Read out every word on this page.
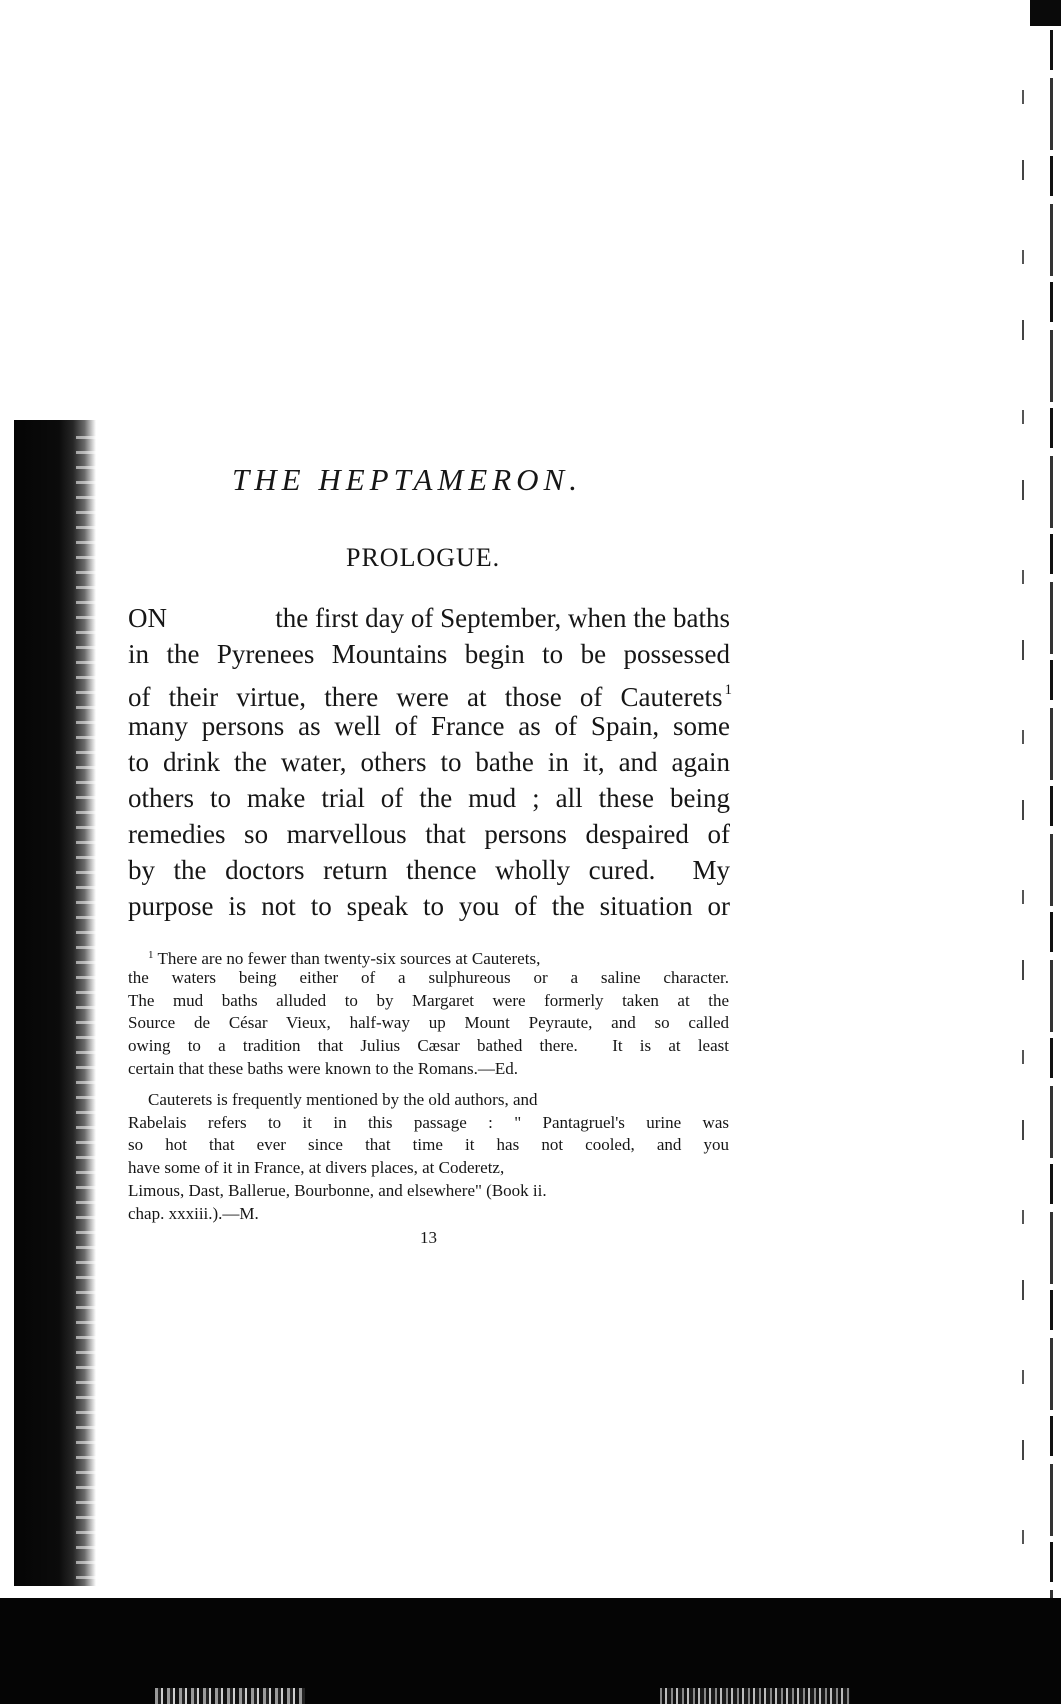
THE HEPTAMERON.
PROLOGUE.
ON	the first day of September, when the baths
in the Pyrenees Mountains begin to be possessed
of their virtue, there were at those of Cauterets 1
many persons as well of France as of Spain, some
to drink the water, others to bathe in it, and again
others to make trial of the mud ; all these being
remedies so marvellous that persons despaired of
by the doctors return thence wholly cured.  My
purpose is not to speak to you of the situation or
1 There are no fewer than twenty-six sources at Cauterets,
the waters being either of a sulphureous or a saline character.
The mud baths alluded to by Margaret were formerly taken at the
Source de César Vieux, half-way up Mount Peyraute, and so called
owing to a tradition that Julius Cæsar bathed there.  It is at least
certain that these baths were known to the Romans.—Ed.
Cauterets is frequently mentioned by the old authors, and
Rabelais refers to it in this passage : " Pantagruel's urine was
so hot that ever since that time it has not cooled, and you
have some of it in France, at divers places, at Coderetz,
Limous, Dast, Ballerue, Bourbonne, and elsewhere" (Book ii.
chap. xxxiii.).—M.

13
